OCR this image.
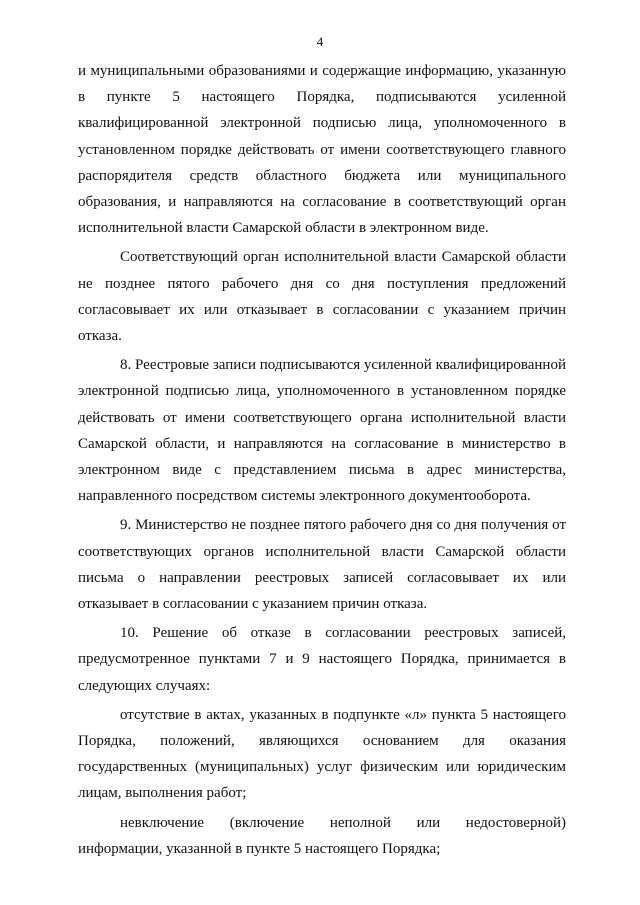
4

и муниципальными образованиями и содержащие информацию, указанную в пункте 5 настоящего Порядка, подписываются усиленной квалифицированной электронной подписью лица, уполномоченного в установленном порядке действовать от имени соответствующего главного распорядителя средств областного бюджета или муниципального образования, и направляются на согласование в соответствующий орган исполнительной власти Самарской области в электронном виде.

Соответствующий орган исполнительной власти Самарской области не позднее пятого рабочего дня со дня поступления предложений согласовывает их или отказывает в согласовании с указанием причин отказа.

8. Реестровые записи подписываются усиленной квалифицированной электронной подписью лица, уполномоченного в установленном порядке действовать от имени соответствующего органа исполнительной власти Самарской области, и направляются на согласование в министерство в электронном виде с представлением письма в адрес министерства, направленного посредством системы электронного документооборота.

9. Министерство не позднее пятого рабочего дня со дня получения от соответствующих органов исполнительной власти Самарской области письма о направлении реестровых записей согласовывает их или отказывает в согласовании с указанием причин отказа.

10. Решение об отказе в согласовании реестровых записей, предусмотренное пунктами 7 и 9 настоящего Порядка, принимается в следующих случаях:

отсутствие в актах, указанных в подпункте «л» пункта 5 настоящего Порядка, положений, являющихся основанием для оказания государственных (муниципальных) услуг физическим или юридическим лицам, выполнения работ;

невключение (включение неполной или недостоверной) информации, указанной в пункте 5 настоящего Порядка;
